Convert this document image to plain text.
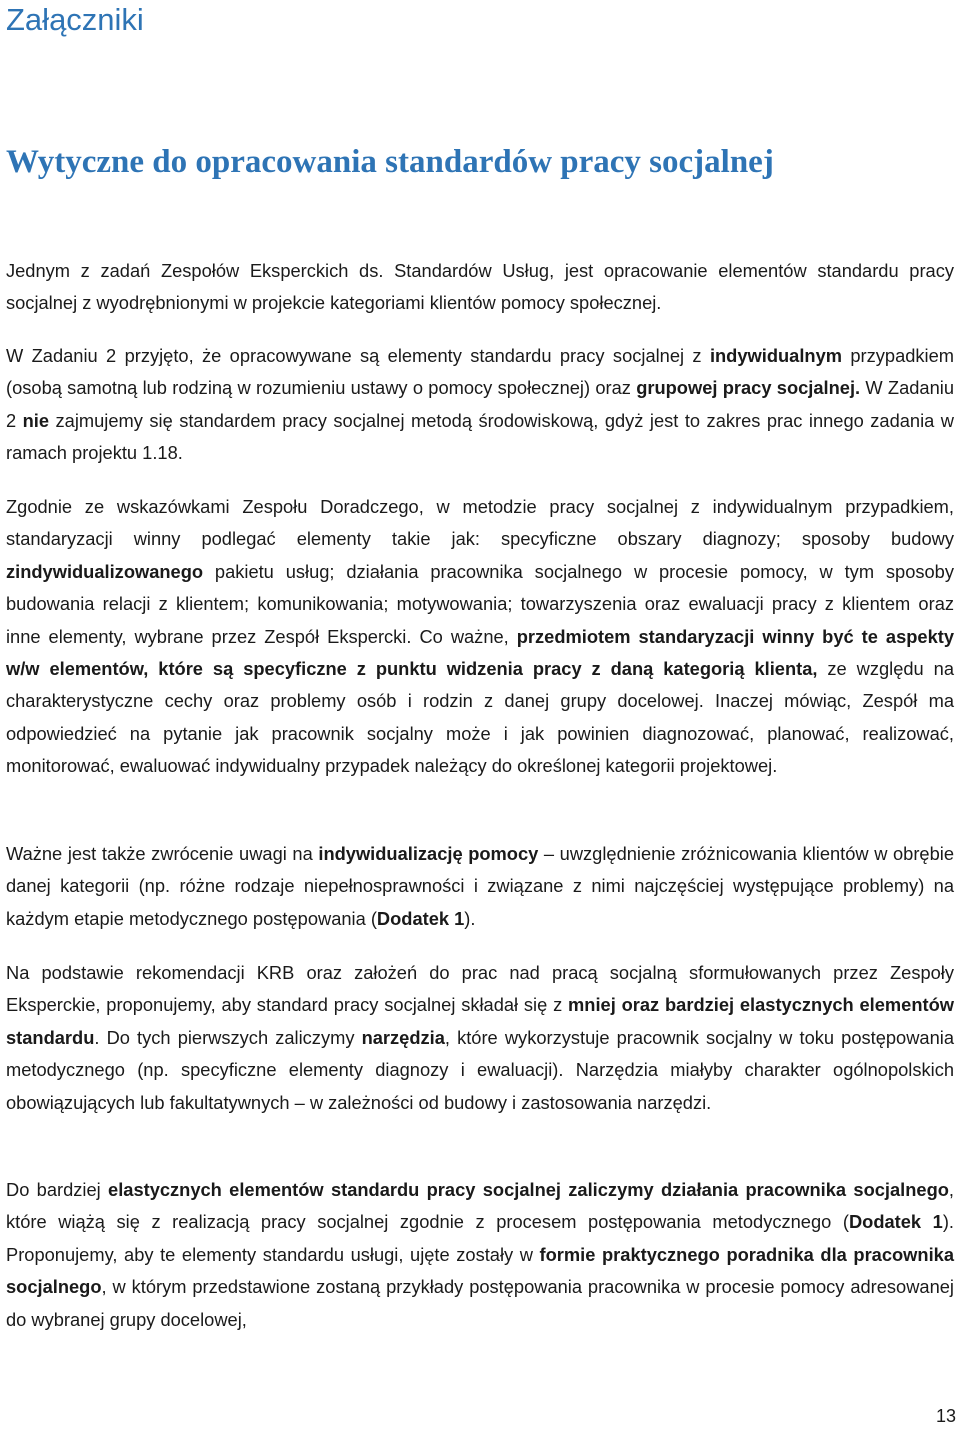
Załączniki
Wytyczne do opracowania standardów pracy socjalnej

Jednym z zadań Zespołów Eksperckich ds. Standardów Usług, jest opracowanie elementów standardu pracy socjalnej z wyodrębnionymi w projekcie kategoriami klientów pomocy społecznej.

W Zadaniu 2 przyjęto, że opracowywane są elementy standardu pracy socjalnej z indywidualnym przypadkiem (osobą samotną lub rodziną w rozumieniu ustawy o pomocy społecznej) oraz grupowej pracy socjalnej. W Zadaniu 2 nie zajmujemy się standardem pracy socjalnej metodą środowiskową, gdyż jest to zakres prac innego zadania w ramach projektu 1.18.

Zgodnie ze wskazówkami Zespołu Doradczego, w metodzie pracy socjalnej z indywidualnym przypadkiem, standaryzacji winny podlegać elementy takie jak: specyficzne obszary diagnozy; sposoby budowy zindywidualizowanego pakietu usług; działania pracownika socjalnego w procesie pomocy, w tym sposoby budowania relacji z klientem; komunikowania; motywowania; towarzyszenia oraz ewaluacji pracy z klientem oraz inne elementy, wybrane przez Zespół Ekspercki. Co ważne, przedmiotem standaryzacji winny być te aspekty w/w elementów, które są specyficzne z punktu widzenia pracy z daną kategorią klienta, ze względu na charakterystyczne cechy oraz problemy osób i rodzin z danej grupy docelowej. Inaczej mówiąc, Zespół ma odpowiedzieć na pytanie jak pracownik socjalny może i jak powinien diagnozować, planować, realizować, monitorować, ewaluować indywidualny przypadek należący do określonej kategorii projektowej.

Ważne jest także zwrócenie uwagi na indywidualizację pomocy – uwzględnienie zróżnicowania klientów w obrębie danej kategorii (np. różne rodzaje niepełnosprawności i związane z nimi najczęściej występujące problemy) na każdym etapie metodycznego postępowania (Dodatek 1).

Na podstawie rekomendacji KRB oraz założeń do prac nad pracą socjalną sformułowanych przez Zespoły Eksperckie, proponujemy, aby standard pracy socjalnej składał się z mniej oraz bardziej elastycznych elementów standardu. Do tych pierwszych zaliczymy narzędzia, które wykorzystuje pracownik socjalny w toku postępowania metodycznego (np. specyficzne elementy diagnozy i ewaluacji). Narzędzia miałyby charakter ogólnopolskich obowiązujących lub fakultatywnych – w zależności od budowy i zastosowania narzędzi.

Do bardziej elastycznych elementów standardu pracy socjalnej zaliczymy działania pracownika socjalnego, które wiążą się z realizacją pracy socjalnej zgodnie z procesem postępowania metodycznego (Dodatek 1). Proponujemy, aby te elementy standardu usługi, ujęte zostały w formie praktycznego poradnika dla pracownika socjalnego, w którym przedstawione zostaną przykłady postępowania pracownika w procesie pomocy adresowanej do wybranej grupy docelowej,

13
